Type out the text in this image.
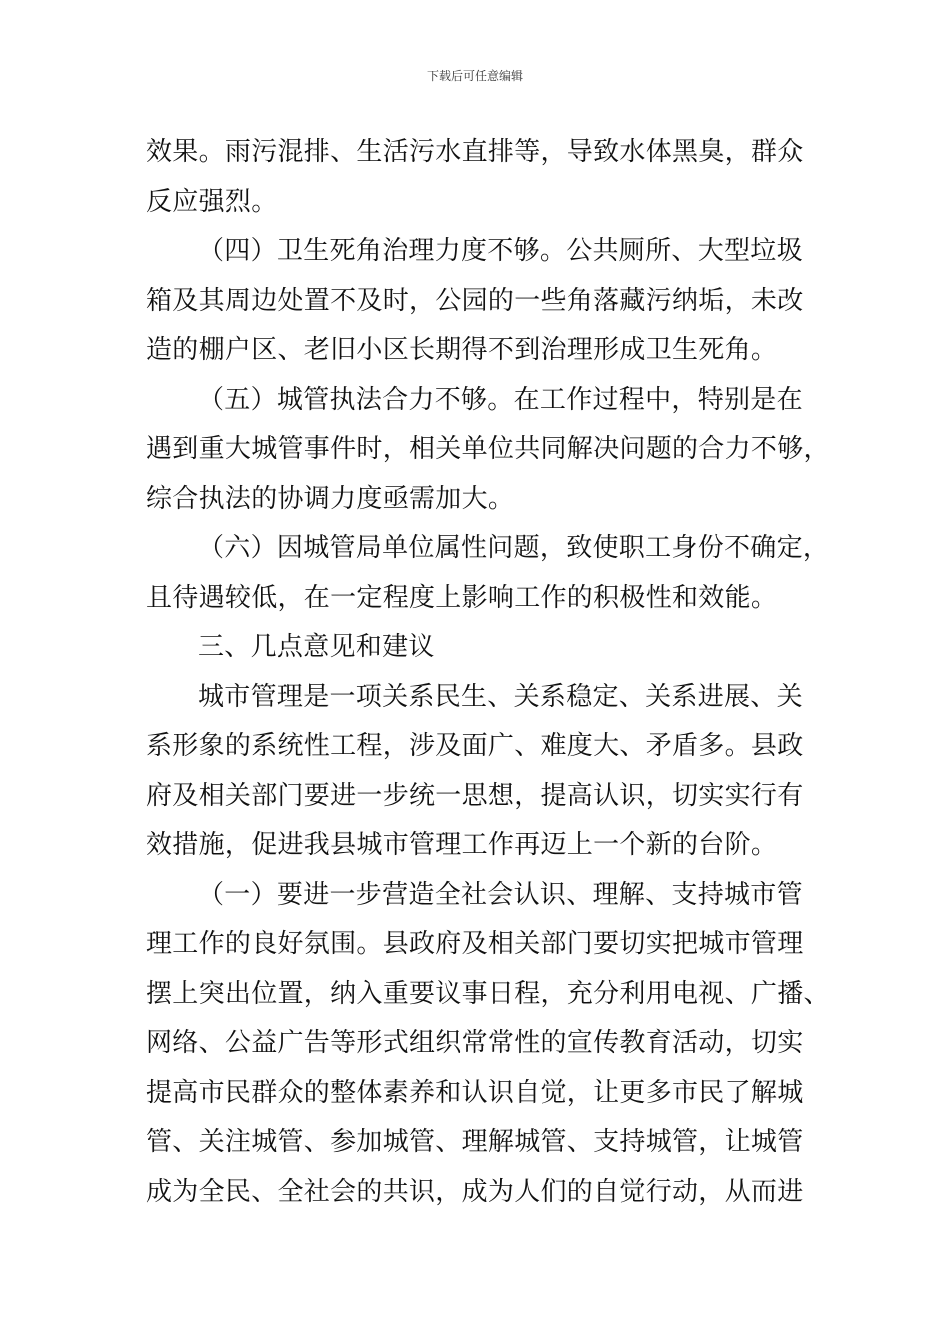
下载后可任意编辑
效果。雨污混排、生活污水直排等，导致水体黑臭，群众
反应强烈。
（四）卫生死角治理力度不够。公共厕所、大型垃圾
箱及其周边处置不及时，公园的一些角落藏污纳垢，未改
造的棚户区、老旧小区长期得不到治理形成卫生死角。
（五）城管执法合力不够。在工作过程中，特别是在
遇到重大城管事件时，相关单位共同解决问题的合力不够，
综合执法的协调力度亟需加大。
（六）因城管局单位属性问题，致使职工身份不确定，
且待遇较低，在一定程度上影响工作的积极性和效能。
三、几点意见和建议
城市管理是一项关系民生、关系稳定、关系进展、关
系形象的系统性工程，涉及面广、难度大、矛盾多。县政
府及相关部门要进一步统一思想，提高认识，切实实行有
效措施，促进我县城市管理工作再迈上一个新的台阶。
（一）要进一步营造全社会认识、理解、支持城市管
理工作的良好氛围。县政府及相关部门要切实把城市管理
摆上突出位置，纳入重要议事日程，充分利用电视、广播、
网络、公益广告等形式组织常常性的宣传教育活动，切实
提高市民群众的整体素养和认识自觉，让更多市民了解城
管、关注城管、参加城管、理解城管、支持城管，让城管
成为全民、全社会的共识，成为人们的自觉行动，从而进
